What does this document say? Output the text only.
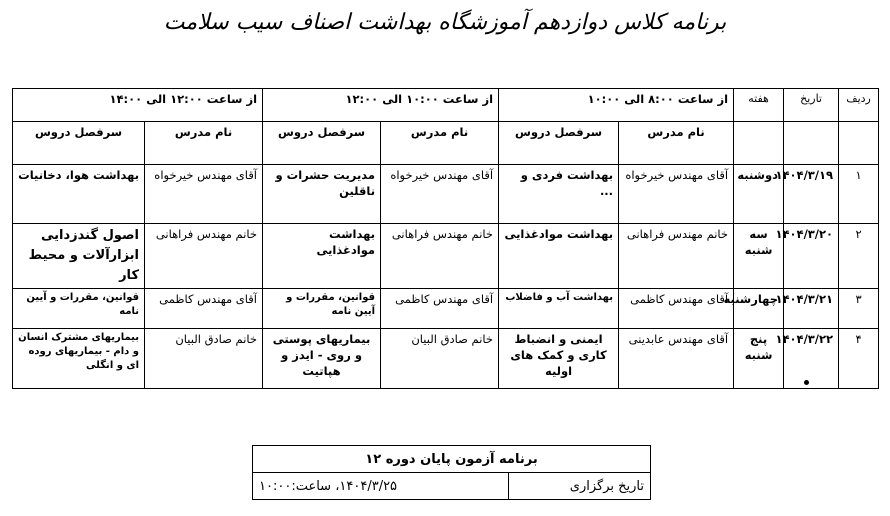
برنامه کلاس دوازدهم آموزشگاه بهداشت اصناف سیب سلامت
ردیف	تاریخ	هفته	از ساعت ۸:۰۰ الی ۱۰:۰۰		از ساعت ۱۰:۰۰ الی ۱۲:۰۰		از ساعت ۱۲:۰۰ الی ۱۴:۰۰	
			نام مدرس	سرفصل دروس	نام مدرس	سرفصل دروس	نام مدرس	سرفصل دروس
۱	۱۴۰۴/۳/۱۹	دوشنبه	آقای مهندس خیرخواه	بهداشت فردی و ...	آقای مهندس خیرخواه	مدیریت حشرات و ناقلین	آقای مهندس خیرخواه	بهداشت هوا، دخانیات
۲	۱۴۰۴/۳/۲۰	سه شنبه	خانم مهندس فراهانی	بهداشت موادغذایی	خانم مهندس فراهانی	بهداشت موادغذایی	خانم مهندس فراهانی	اصول گندزدایی ابزارآلات و محیط کار
۳	۱۴۰۴/۳/۲۱	چهارشنبه	آقای مهندس کاظمی	بهداشت آب و فاضلاب	آقای مهندس کاظمی	قوانین، مقررات و آیین نامه	آقای مهندس کاظمی	قوانین، مقررات و آیین نامه
۴	۱۴۰۴/۳/۲۲	پنج شنبه	آقای مهندس عابدینی	ایمنی و انضباط کاری و کمک های اولیه	خانم صادق البیان	بیماریهای پوستی و روی - ایدز و هپاتیت	خانم صادق البیان	بیماریهای مشترک انسان و دام - بیماریهای روده ای و انگلی
برنامه آزمون پایان دوره ۱۲
تاریخ برگزاری	۱۴۰۴/۳/۲۵، ساعت:۱۰:۰۰
